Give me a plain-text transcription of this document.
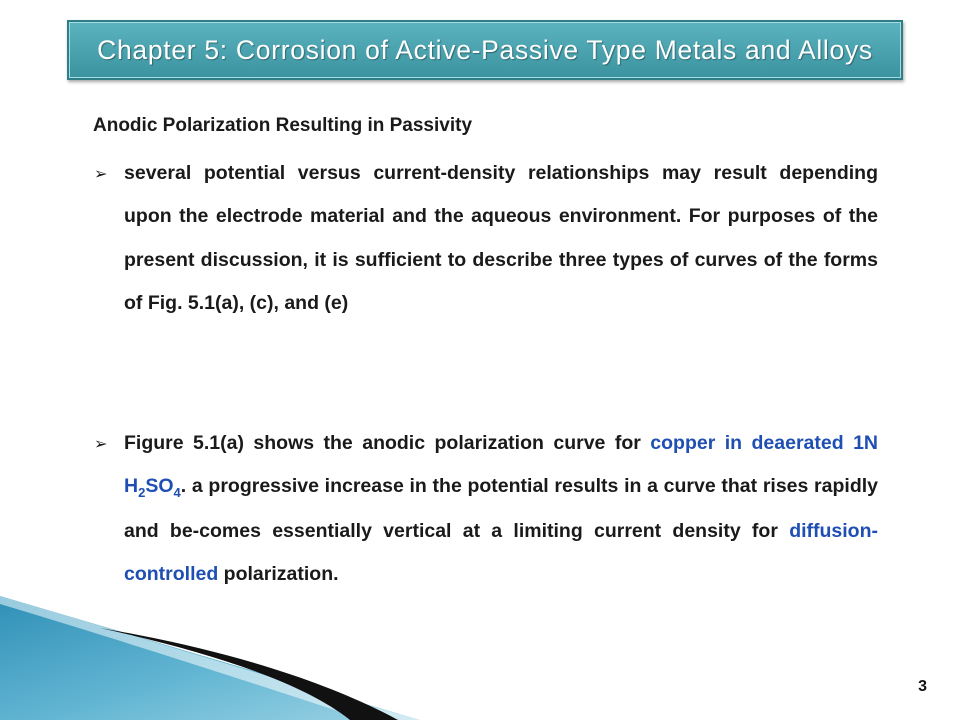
Chapter 5: Corrosion of Active-Passive Type Metals and Alloys
Anodic Polarization Resulting in Passivity
➢ several potential versus current-density relationships may result depending upon the electrode material and the aqueous environment. For purposes of the present discussion, it is sufficient to describe three types of curves of the forms of Fig. 5.1(a), (c), and (e)
➢ Figure 5.1(a) shows the anodic polarization curve for copper in deaerated 1N $H_2SO_4$. a progressive increase in the potential results in a curve that rises rapidly and be-comes essentially vertical at a limiting current density for diffusion-controlled polarization.
3
